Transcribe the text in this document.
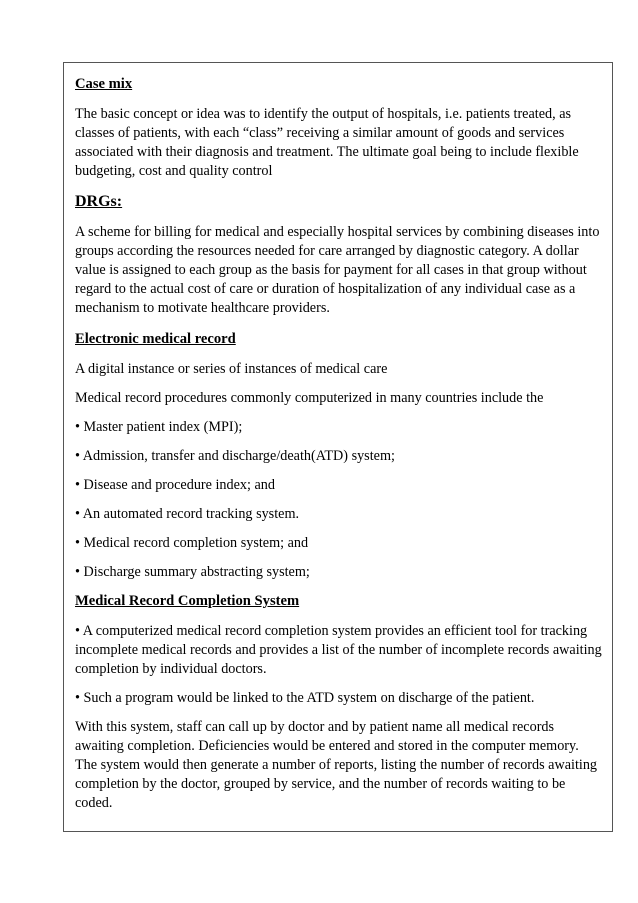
Case mix

The basic concept or idea was to identify the output of hospitals, i.e. patients treated, as classes of patients, with each “class” receiving a similar amount of goods and services associated with their diagnosis and treatment. The ultimate goal being to include flexible budgeting, cost and quality control

DRGs:

A scheme for billing for medical and especially hospital services by combining diseases into groups according the resources needed for care arranged by diagnostic category. A dollar value is assigned to each group as the basis for payment for all cases in that group without regard to the actual cost of care or duration of hospitalization of any individual case as a mechanism to motivate healthcare providers.

Electronic medical record

A digital instance or series of instances of medical care

Medical record procedures commonly computerized in many countries include the

• Master patient index (MPI);

• Admission, transfer and discharge/death(ATD) system;

• Disease and procedure index; and

• An automated record tracking system.

• Medical record completion system; and

• Discharge summary abstracting system;

Medical Record Completion System

• A computerized medical record completion system provides an efficient tool for tracking incomplete medical records and provides a list of the number of incomplete records awaiting completion by individual doctors.

• Such a program would be linked to the ATD system on discharge of the patient.

With this system, staff can call up by doctor and by patient name all medical records awaiting completion. Deficiencies would be entered and stored in the computer memory. The system would then generate a number of reports, listing the number of records awaiting completion by the doctor, grouped by service, and the number of records waiting to be coded.
